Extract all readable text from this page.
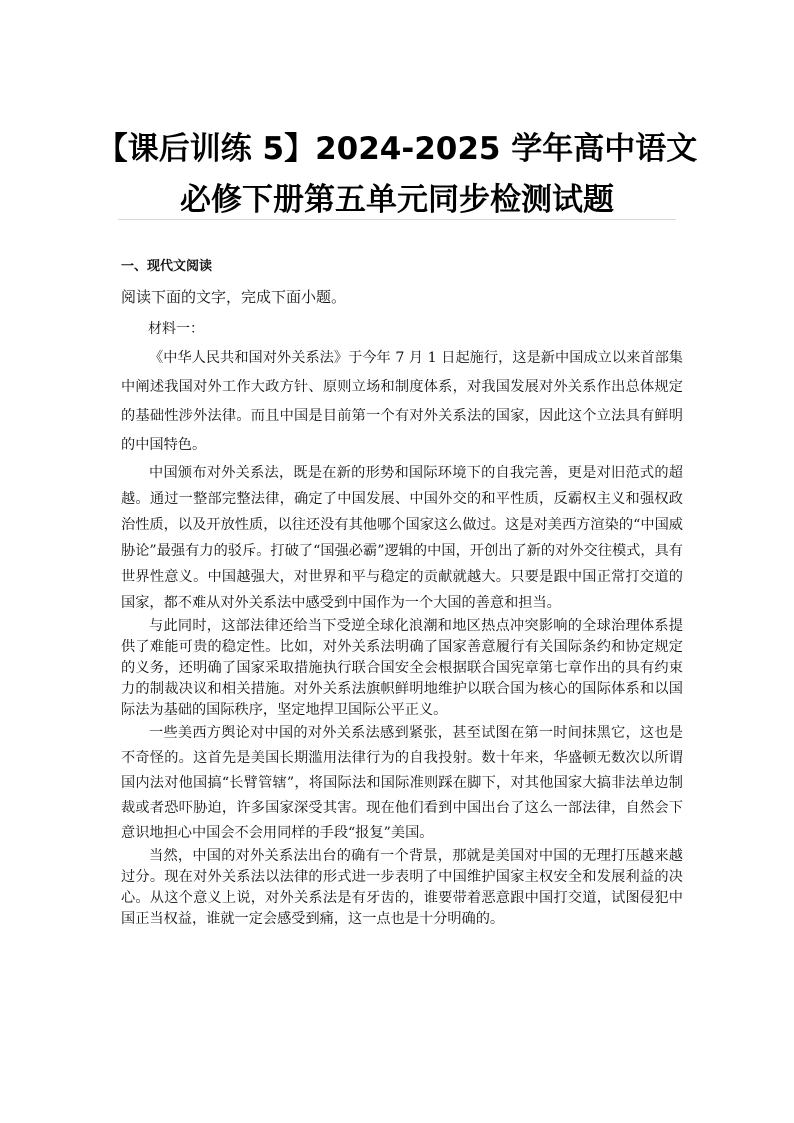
【课后训练 5】2024-2025 学年高中语文
必修下册第五单元同步检测试题
一、现代文阅读
阅读下面的文字，完成下面小题。
材料一：

《中华人民共和国对外关系法》于今年 7 月 1 日起施行，这是新中国成立以来首部集中阐述我国对外工作大政方针、原则立场和制度体系，对我国发展对外关系作出总体规定的基础性涉外法律。而且中国是目前第一个有对外关系法的国家，因此这个立法具有鲜明的中国特色。

中国颁布对外关系法，既是在新的形势和国际环境下的自我完善，更是对旧范式的超越。通过一整部完整法律，确定了中国发展、中国外交的和平性质，反霸权主义和强权政治性质，以及开放性质，以往还没有其他哪个国家这么做过。这是对美西方渲染的“中国威胁论”最强有力的驳斥。打破了“国强必霸”逻辑的中国，开创出了新的对外交往模式，具有世界性意义。中国越强大，对世界和平与稳定的贡献就越大。只要是跟中国正常打交道的国家，都不难从对外关系法中感受到中国作为一个大国的善意和担当。

与此同时，这部法律还给当下受逆全球化浪潮和地区热点冲突影响的全球治理体系提供了难能可贵的稳定性。比如，对外关系法明确了国家善意履行有关国际条约和协定规定的义务，还明确了国家采取措施执行联合国安全会根据联合国宪章第七章作出的具有约束力的制裁决议和相关措施。对外关系法旗帜鲜明地维护以联合国为核心的国际体系和以国际法为基础的国际秩序，坚定地捍卫国际公平正义。

一些美西方舆论对中国的对外关系法感到紧张，甚至试图在第一时间抹黑它，这也是不奇怪的。这首先是美国长期滥用法律行为的自我投射。数十年来，华盛顿无数次以所谓国内法对他国搞“长臂管辖”，将国际法和国际准则踩在脚下，对其他国家大搞非法单边制裁或者恐吓胁迫，许多国家深受其害。现在他们看到中国出台了这么一部法律，自然会下意识地担心中国会不会用同样的手段“报复”美国。

当然，中国的对外关系法出台的确有一个背景，那就是美国对中国的无理打压越来越过分。现在对外关系法以法律的形式进一步表明了中国维护国家主权安全和发展利益的决心。从这个意义上说，对外关系法是有牙齿的，谁要带着恶意跟中国打交道，试图侵犯中国正当权益，谁就一定会感受到痛，这一点也是十分明确的。
